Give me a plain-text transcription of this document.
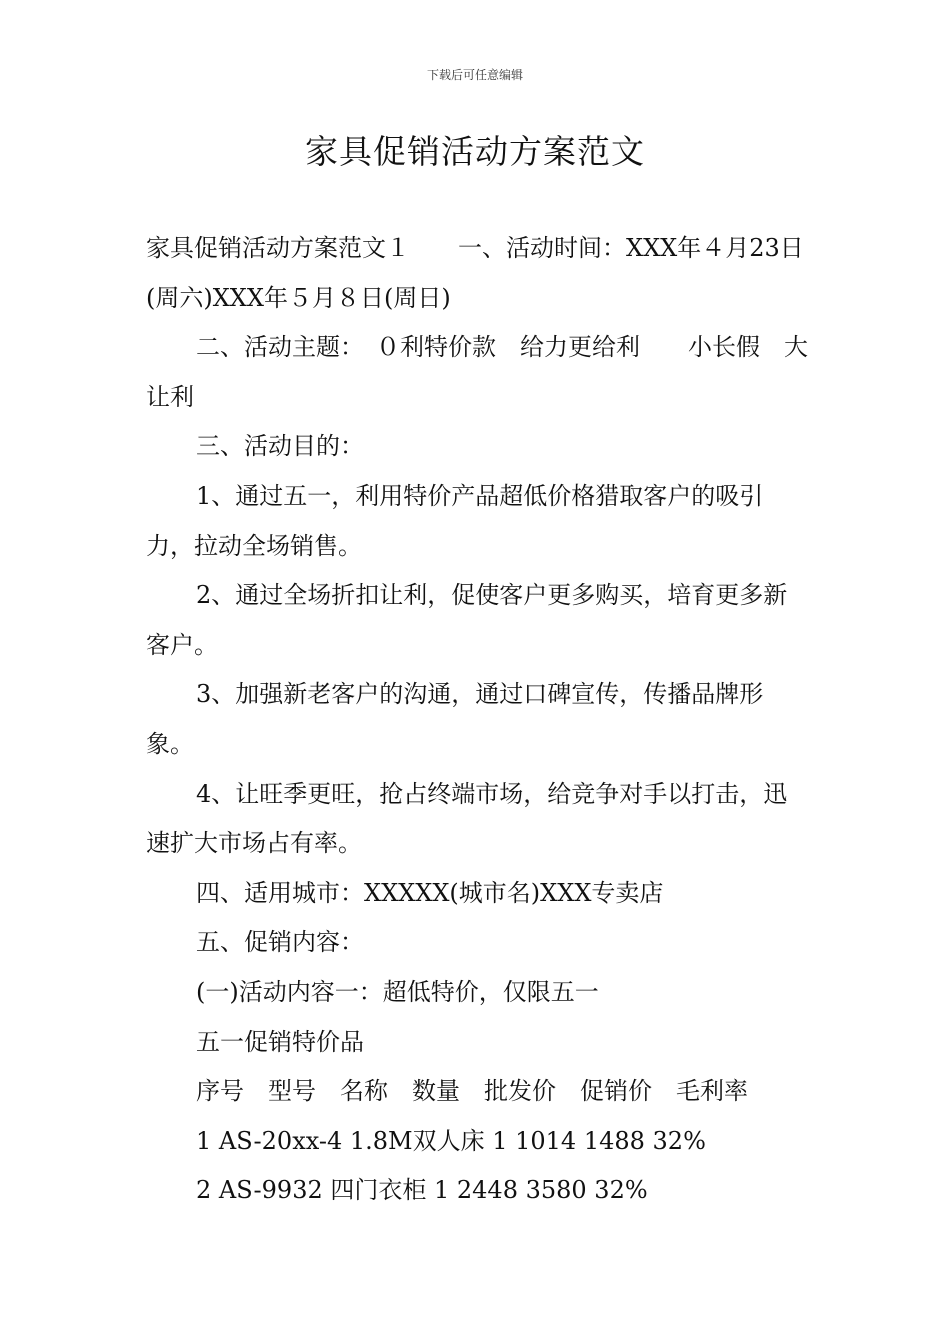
下载后可任意编辑
家具促销活动方案范文

家具促销活动方案范文１　　一、活动时间：XXX年４月23日(周六)XXX年５月８日(周日)

二、活动主题：　０利特价款　给力更给利　　小长假　大让利

三、活动目的：

1、通过五一，利用特价产品超低价格猎取客户的吸引力，拉动全场销售。

2、通过全场折扣让利，促使客户更多购买，培育更多新客户。

3、加强新老客户的沟通，通过口碑宣传，传播品牌形象。

4、让旺季更旺，抢占终端市场，给竞争对手以打击，迅速扩大市场占有率。

四、适用城市：XXXXX(城市名)XXX专卖店

五、促销内容：

(一)活动内容一：超低特价，仅限五一

五一促销特价品

序号　型号　名称　数量　批发价　促销价　毛利率

1 AS-20xx-4 1.8M双人床 1 1014 1488 32%

2 AS-9932 四门衣柜 1 2448 3580 32%
